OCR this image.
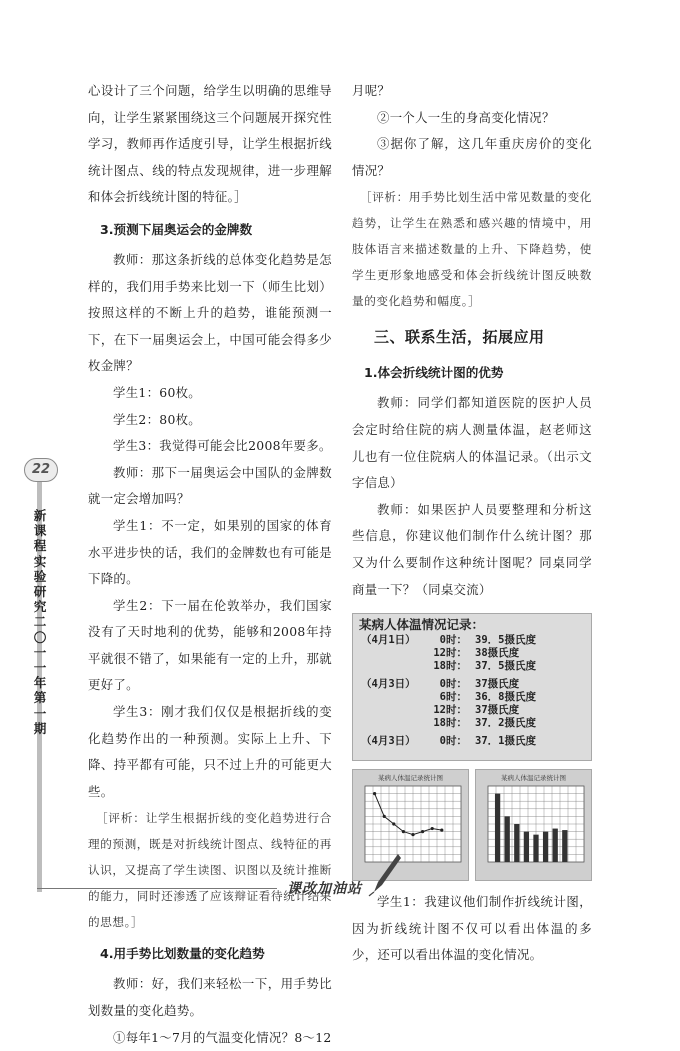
22
新课程实验研究二〇一一年第一期

心设计了三个问题，给学生以明确的思维导向，让学生紧紧围绕这三个问题展开探究性学习，教师再作适度引导，让学生根据折线统计图点、线的特点发现规律，进一步理解和体会折线统计图的特征。］

3.预测下届奥运会的金牌数

教师：那这条折线的总体变化趋势是怎样的，我们用手势来比划一下（师生比划）按照这样的不断上升的趋势，谁能预测一下，在下一届奥运会上，中国可能会得多少枚金牌？

学生1：60枚。

学生2：80枚。

学生3：我觉得可能会比2008年要多。

教师：那下一届奥运会中国队的金牌数就一定会增加吗？

学生1：不一定，如果别的国家的体育水平进步快的话，我们的金牌数也有可能是下降的。

学生2：下一届在伦敦举办，我们国家没有了天时地利的优势，能够和2008年持平就很不错了，如果能有一定的上升，那就更好了。

学生3：刚才我们仅仅是根据折线的变化趋势作出的一种预测。实际上上升、下降、持平都有可能，只不过上升的可能更大些。

［评析：让学生根据折线的变化趋势进行合理的预测，既是对折线统计图点、线特征的再认识，又提高了学生读图、识图以及统计推断的能力，同时还渗透了应该辩证看待统计结果的思想。］

4.用手势比划数量的变化趋势

教师：好，我们来轻松一下，用手势比划数量的变化趋势。

①每年1～7月的气温变化情况？8～12

月呢？

②一个人一生的身高变化情况？

③据你了解，这几年重庆房价的变化情况？

［评析：用手势比划生活中常见数量的变化趋势，让学生在熟悉和感兴趣的情境中，用肢体语言来描述数量的上升、下降趋势，使学生更形象地感受和体会折线统计图反映数量的变化趋势和幅度。］

三、联系生活，拓展应用
1.体会折线统计图的优势

教师：同学们都知道医院的医护人员会定时给住院的病人测量体温，赵老师这儿也有一位住院病人的体温记录。（出示文字信息）

教师：如果医护人员要整理和分析这些信息，你建议他们制作什么统计图？那又为什么要制作这种统计图呢？同桌同学商量一下？（同桌交流）

某病人体温情况记录：
（4月1日）	0时： 39．5摄氏度
12时： 38摄氏度
18时： 37．5摄氏度
（4月3日）	0时： 37摄氏度
6时： 36．8摄氏度
12时： 37摄氏度
18时： 37．2摄氏度
（4月3日）	0时： 37．1摄氏度
某病人体温记录统计图	某病人体温记录统计图

学生1：我建议他们制作折线统计图，因为折线统计图不仅可以看出体温的多少，还可以看出体温的变化情况。

课改加油站
